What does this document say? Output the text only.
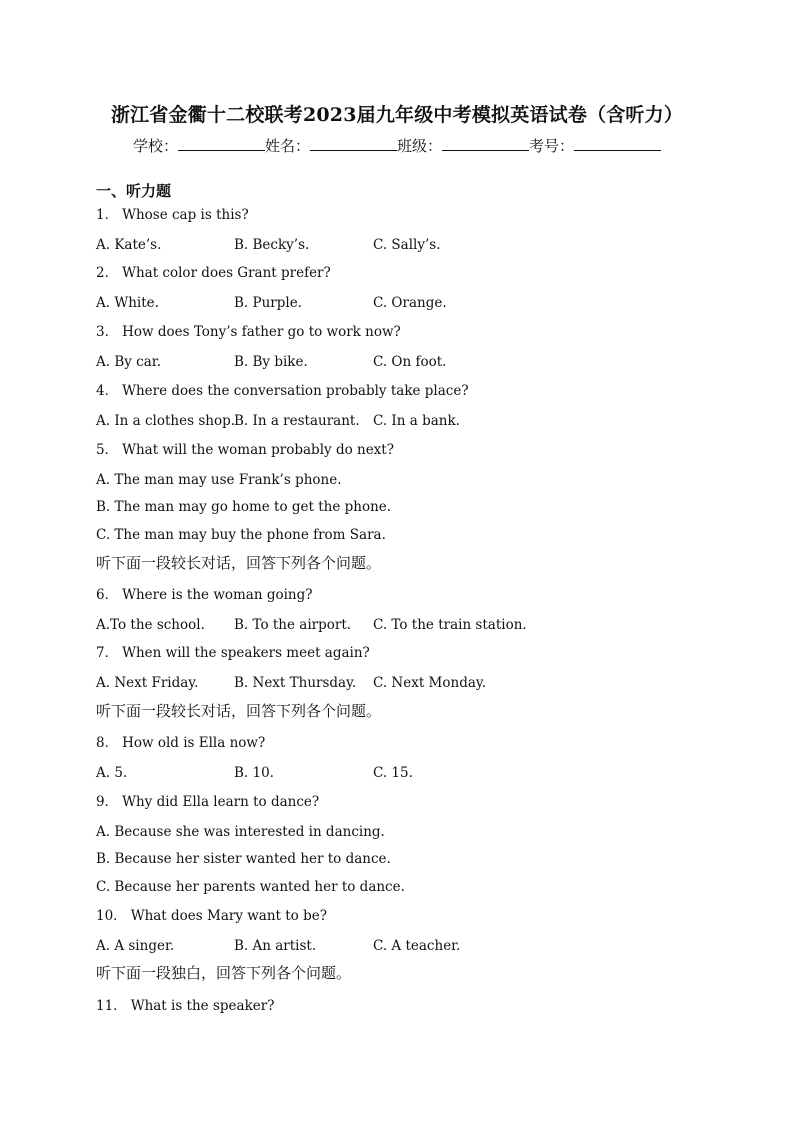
浙江省金衢十二校联考2023届九年级中考模拟英语试卷（含听力）
学校：	姓名：	班级：	考号：
一、听力题
1． Whose cap is this?
A. Kate’s.	B. Becky’s.	C. Sally’s.
2． What color does Grant prefer?
A. White.	B. Purple.	C. Orange.
3． How does Tony’s father go to work now?
A. By car.	B. By bike.	C. On foot.
4． Where does the conversation probably take place?
A. In a clothes shop.
B. In a restaurant. C. In a bank.
5． What will the woman probably do next?
A. The man may use Frank’s phone.
B. The man may go home to get the phone.
C. The man may buy the phone from Sara.
听下面一段较长对话，回答下列各个问题。
6． Where is the woman going?
A.To the school. B. To the airport. C. To the train station.
7． When will the speakers meet again?
A. Next Friday.	B. Next Thursday. C. Next Monday.
听下面一段较长对话，回答下列各个问题。
8． How old is Ella now?
A. 5.	B. 10.	C. 15.
9． Why did Ella learn to dance?
A. Because she was interested in dancing.
B. Because her sister wanted her to dance.
C. Because her parents wanted her to dance.
10． What does Mary want to be?
A. A singer.	B. An artist.	C. A teacher.
听下面一段独白，回答下列各个问题。
11． What is the speaker?
